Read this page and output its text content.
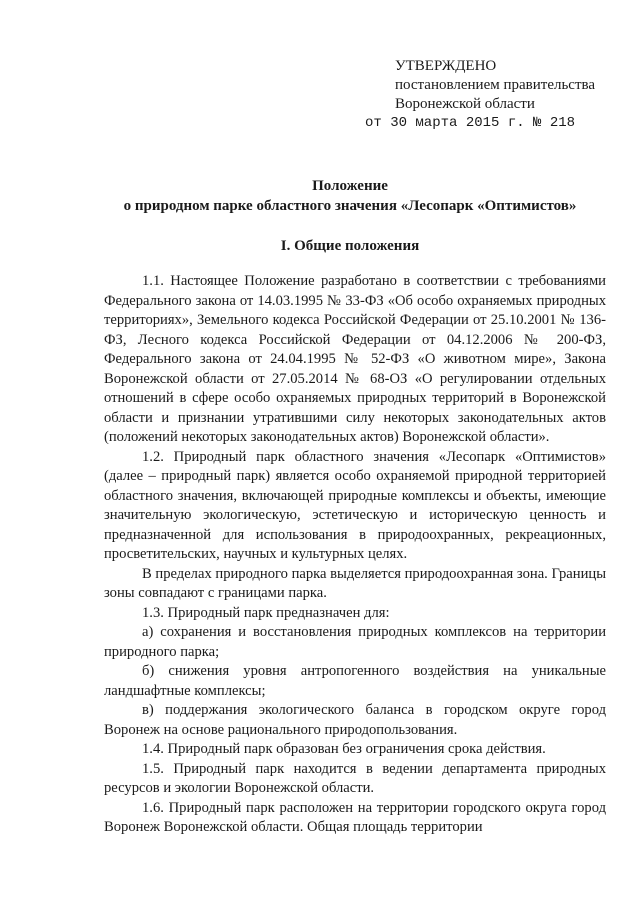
УТВЕРЖДЕНО
постановлением правительства
Воронежской области
от 30 марта 2015 г. № 218
Положение
о природном парке областного значения «Лесопарк «Оптимистов»
I. Общие положения

1.1. Настоящее Положение разработано в соответствии с требованиями Федерального закона от 14.03.1995 № 33-ФЗ «Об особо охраняемых природных территориях», Земельного кодекса Российской Федерации от 25.10.2001 № 136-ФЗ, Лесного кодекса Российской Федерации от 04.12.2006 № 200-ФЗ, Федерального закона от 24.04.1995 № 52-ФЗ «О животном мире», Закона Воронежской области от 27.05.2014 № 68-ОЗ «О регулировании отдельных отношений в сфере особо охраняемых природных территорий в Воронежской области и признании утратившими силу некоторых законодательных актов (положений некоторых законодательных актов) Воронежской области».

1.2. Природный парк областного значения «Лесопарк «Оптимистов» (далее – природный парк) является особо охраняемой природной территорией областного значения, включающей природные комплексы и объекты, имеющие значительную экологическую, эстетическую и историческую ценность и предназначенной для использования в природоохранных, рекреационных, просветительских, научных и культурных целях.

В пределах природного парка выделяется природоохранная зона. Границы зоны совпадают с границами парка.

1.3. Природный парк предназначен для:

а) сохранения и восстановления природных комплексов на территории природного парка;

б) снижения уровня антропогенного воздействия на уникальные ландшафтные комплексы;

в) поддержания экологического баланса в городском округе город Воронеж на основе рационального природопользования.

1.4. Природный парк образован без ограничения срока действия.

1.5. Природный парк находится в ведении департамента природных ресурсов и экологии Воронежской области.

1.6. Природный парк расположен на территории городского округа город Воронеж Воронежской области. Общая площадь территории
